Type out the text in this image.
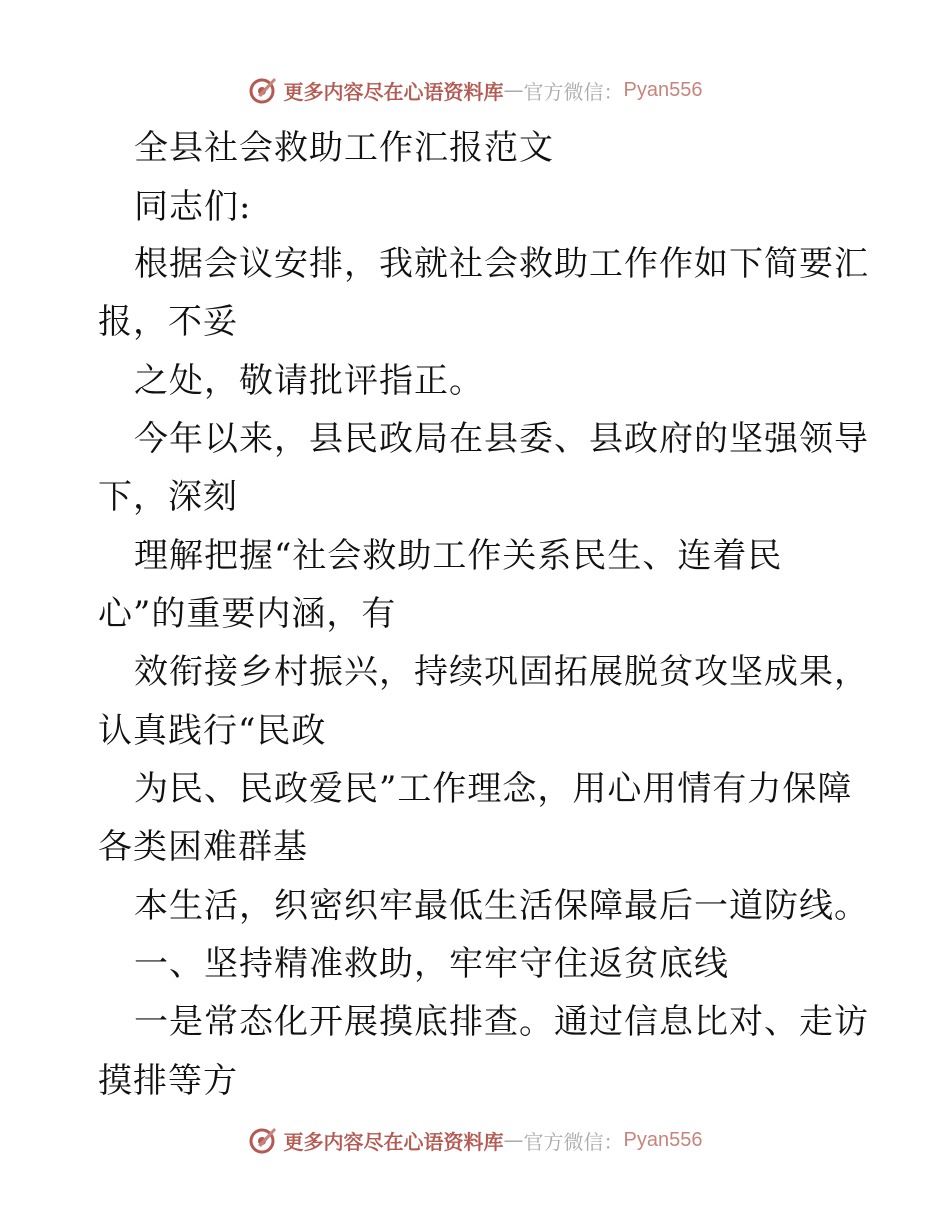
更多内容尽在心语资料库 — 官方微信： Pyan556
全县社会救助工作汇报范文
同志们:
根据会议安排，我就社会救助工作作如下简要汇
报，不妥
之处，敬请批评指正。
今年以来，县民政局在县委、县政府的坚强领导
下，深刻
理解把握“社会救助工作关系民生、连着民
心”的重要内涵，有
效衔接乡村振兴，持续巩固拓展脱贫攻坚成果，
认真践行“民政
为民、民政爱民”工作理念，用心用情有力保障
各类困难群基
本生活，织密织牢最低生活保障最后一道防线。
一、坚持精准救助，牢牢守住返贫底线
一是常态化开展摸底排查。通过信息比对、走访
摸排等方
更多内容尽在心语资料库 — 官方微信： Pyan556
